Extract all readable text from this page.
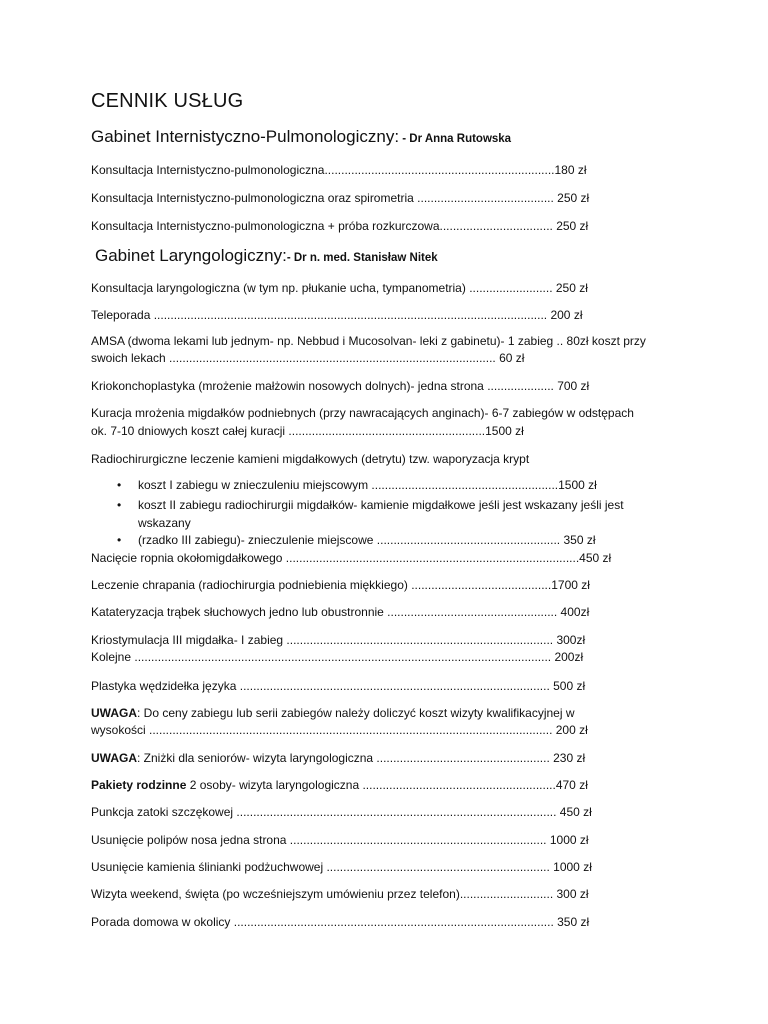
CENNIK USŁUG
Gabinet Internistyczno-Pulmonologiczny: - Dr Anna Rutowska
Konsultacja Internistyczno-pulmonologiczna.....................................................................180 zł
Konsultacja Internistyczno-pulmonologiczna oraz spirometria ......................................... 250 zł
Konsultacja Internistyczno-pulmonologiczna + próba rozkurczowa.................................. 250 zł
Gabinet Laryngologiczny:- Dr n. med. Stanisław Nitek
Konsultacja laryngologiczna (w tym np. płukanie ucha, tympanometria) ......................... 250 zł
Teleporada ...................................................................................................................... 200 zł
AMSA (dwoma lekami lub jednym- np. Nebbud i Mucosolvan- leki z gabinetu)- 1 zabieg .. 80zł koszt przy
swoich lekach .................................................................................................. 60 zł
Kriokonchoplastyka (mrożenie małżowin nosowych dolnych)- jedna strona .................... 700 zł
Kuracja mrożenia migdałków podniebnych (przy nawracających anginach)- 6-7 zabiegów w odstępach
ok. 7-10 dniowych koszt całej kuracji ...........................................................1500 zł
Radiochirurgiczne leczenie kamieni migdałkowych (detrytu) tzw. waporyzacja krypt
• koszt I zabiegu w znieczuleniu miejscowym ........................................................1500 zł
• koszt II zabiegu radiochirurgii migdałków- kamienie migdałkowe jeśli jest wskazany jeśli jest
wskazany
• (rzadko III zabiegu)- znieczulenie miejscowe ....................................................... 350 zł
Nacięcie ropnia okołomigdałkowego ........................................................................................450 zł
Leczenie chrapania (radiochirurgia podniebienia miękkiego) ..........................................1700 zł
Katateryzacja trąbek słuchowych jedno lub obustronnie ................................................... 400zł
Kriostymulacja III migdałka- I zabieg ................................................................................ 300zł
Kolejne ............................................................................................................................. 200zł
Plastyka wędzidełka języka ............................................................................................. 500 zł
UWAGA: Do ceny zabiegu lub serii zabiegów należy doliczyć koszt wizyty kwalifikacyjnej w
wysokości ......................................................................................................................... 200 zł
UWAGA: Zniżki dla seniorów- wizyta laryngologiczna .................................................... 230 zł
Pakiety rodzinne 2 osoby- wizyta laryngologiczna ..........................................................470 zł
Punkcja zatoki szczękowej ................................................................................................ 450 zł
Usunięcie polipów nosa jedna strona ............................................................................. 1000 zł
Usunięcie kamienia ślinianki podżuchwowej ................................................................... 1000 zł
Wizyta weekend, święta (po wcześniejszym umówieniu przez telefon)............................ 300 zł
Porada domowa w okolicy ................................................................................................ 350 zł
